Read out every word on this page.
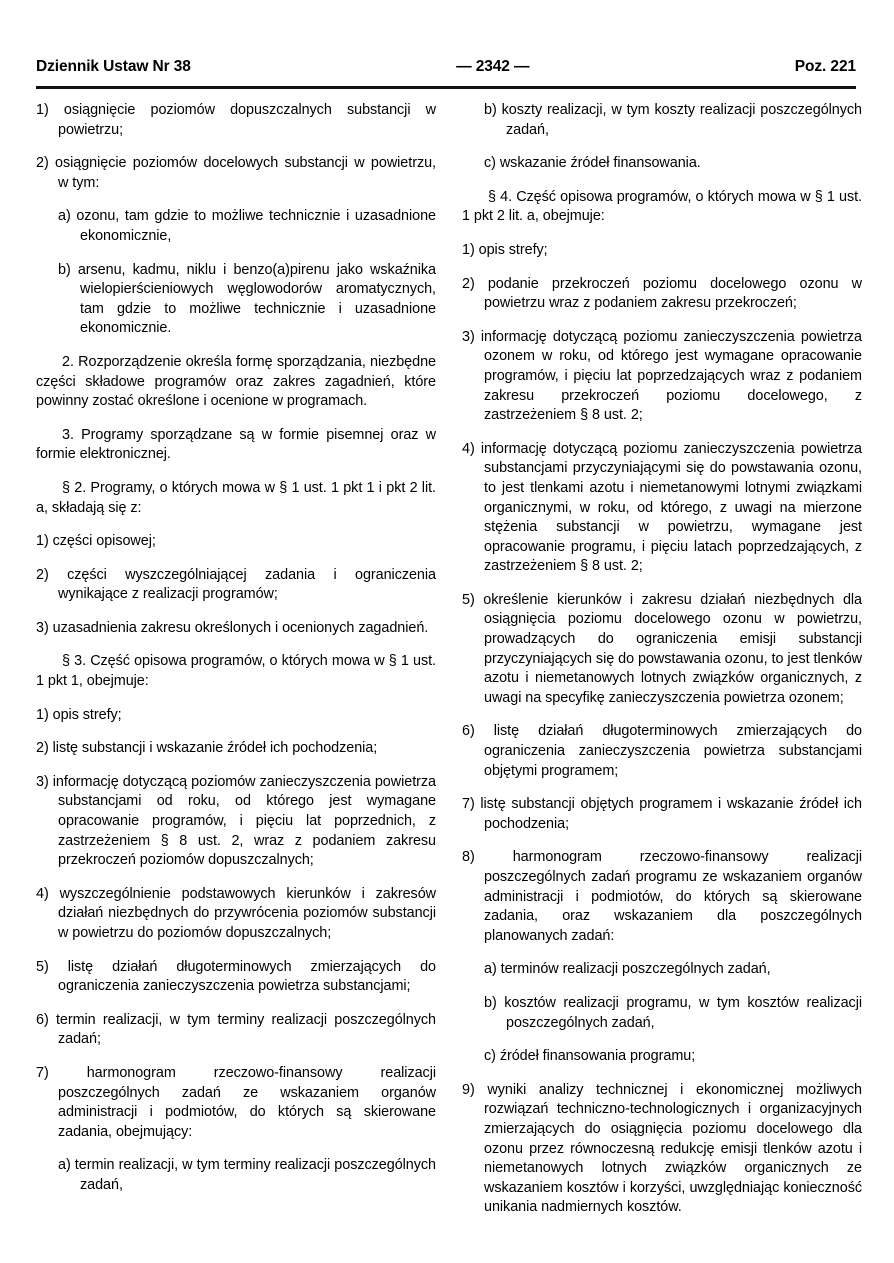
Dziennik Ustaw Nr 38	— 2342 —	Poz. 221

1) osiągnięcie poziomów dopuszczalnych substancji w powietrzu;

2) osiągnięcie poziomów docelowych substancji w powietrzu, w tym:

a) ozonu, tam gdzie to możliwe technicznie i uzasadnione ekonomicznie,

b) arsenu, kadmu, niklu i benzo(a)pirenu jako wskaźnika wielopierścieniowych węglowodorów aromatycznych, tam gdzie to możliwe technicznie i uzasadnione ekonomicznie.

2. Rozporządzenie określa formę sporządzania, niezbędne części składowe programów oraz zakres zagadnień, które powinny zostać określone i ocenione w programach.

3. Programy sporządzane są w formie pisemnej oraz w formie elektronicznej.

§ 2. Programy, o których mowa w § 1 ust. 1 pkt 1 i pkt 2 lit. a, składają się z:

1) części opisowej;

2) części wyszczególniającej zadania i ograniczenia wynikające z realizacji programów;

3) uzasadnienia zakresu określonych i ocenionych zagadnień.

§ 3. Część opisowa programów, o których mowa w § 1 ust. 1 pkt 1, obejmuje:

1) opis strefy;

2) listę substancji i wskazanie źródeł ich pochodzenia;

3) informację dotyczącą poziomów zanieczyszczenia powietrza substancjami od roku, od którego jest wymagane opracowanie programów, i pięciu lat poprzednich, z zastrzeżeniem § 8 ust. 2, wraz z podaniem zakresu przekroczeń poziomów dopuszczalnych;

4) wyszczególnienie podstawowych kierunków i zakresów działań niezbędnych do przywrócenia poziomów substancji w powietrzu do poziomów dopuszczalnych;

5) listę działań długoterminowych zmierzających do ograniczenia zanieczyszczenia powietrza substancjami;

6) termin realizacji, w tym terminy realizacji poszczególnych zadań;

7) harmonogram rzeczowo-finansowy realizacji poszczególnych zadań ze wskazaniem organów administracji i podmiotów, do których są skierowane zadania, obejmujący:

a) termin realizacji, w tym terminy realizacji poszczególnych zadań,

b) koszty realizacji, w tym koszty realizacji poszczególnych zadań,

c) wskazanie źródeł finansowania.

§ 4. Część opisowa programów, o których mowa w § 1 ust. 1 pkt 2 lit. a, obejmuje:

1) opis strefy;

2) podanie przekroczeń poziomu docelowego ozonu w powietrzu wraz z podaniem zakresu przekroczeń;

3) informację dotyczącą poziomu zanieczyszczenia powietrza ozonem w roku, od którego jest wymagane opracowanie programów, i pięciu lat poprzedzających wraz z podaniem zakresu przekroczeń poziomu docelowego, z zastrzeżeniem § 8 ust. 2;

4) informację dotyczącą poziomu zanieczyszczenia powietrza substancjami przyczyniającymi się do powstawania ozonu, to jest tlenkami azotu i niemetanowymi lotnymi związkami organicznymi, w roku, od którego, z uwagi na mierzone stężenia substancji w powietrzu, wymagane jest opracowanie programu, i pięciu latach poprzedzających, z zastrzeżeniem § 8 ust. 2;

5) określenie kierunków i zakresu działań niezbędnych dla osiągnięcia poziomu docelowego ozonu w powietrzu, prowadzących do ograniczenia emisji substancji przyczyniających się do powstawania ozonu, to jest tlenków azotu i niemetanowych lotnych związków organicznych, z uwagi na specyfikę zanieczyszczenia powietrza ozonem;

6) listę działań długoterminowych zmierzających do ograniczenia zanieczyszczenia powietrza substancjami objętymi programem;

7) listę substancji objętych programem i wskazanie źródeł ich pochodzenia;

8) harmonogram rzeczowo-finansowy realizacji poszczególnych zadań programu ze wskazaniem organów administracji i podmiotów, do których są skierowane zadania, oraz wskazaniem dla poszczególnych planowanych zadań:

a) terminów realizacji poszczególnych zadań,

b) kosztów realizacji programu, w tym kosztów realizacji poszczególnych zadań,

c) źródeł finansowania programu;

9) wyniki analizy technicznej i ekonomicznej możliwych rozwiązań techniczno-technologicznych i organizacyjnych zmierzających do osiągnięcia poziomu docelowego dla ozonu przez równoczesną redukcję emisji tlenków azotu i niemetanowych lotnych związków organicznych ze wskazaniem kosztów i korzyści, uwzględniając konieczność unikania nadmiernych kosztów.
